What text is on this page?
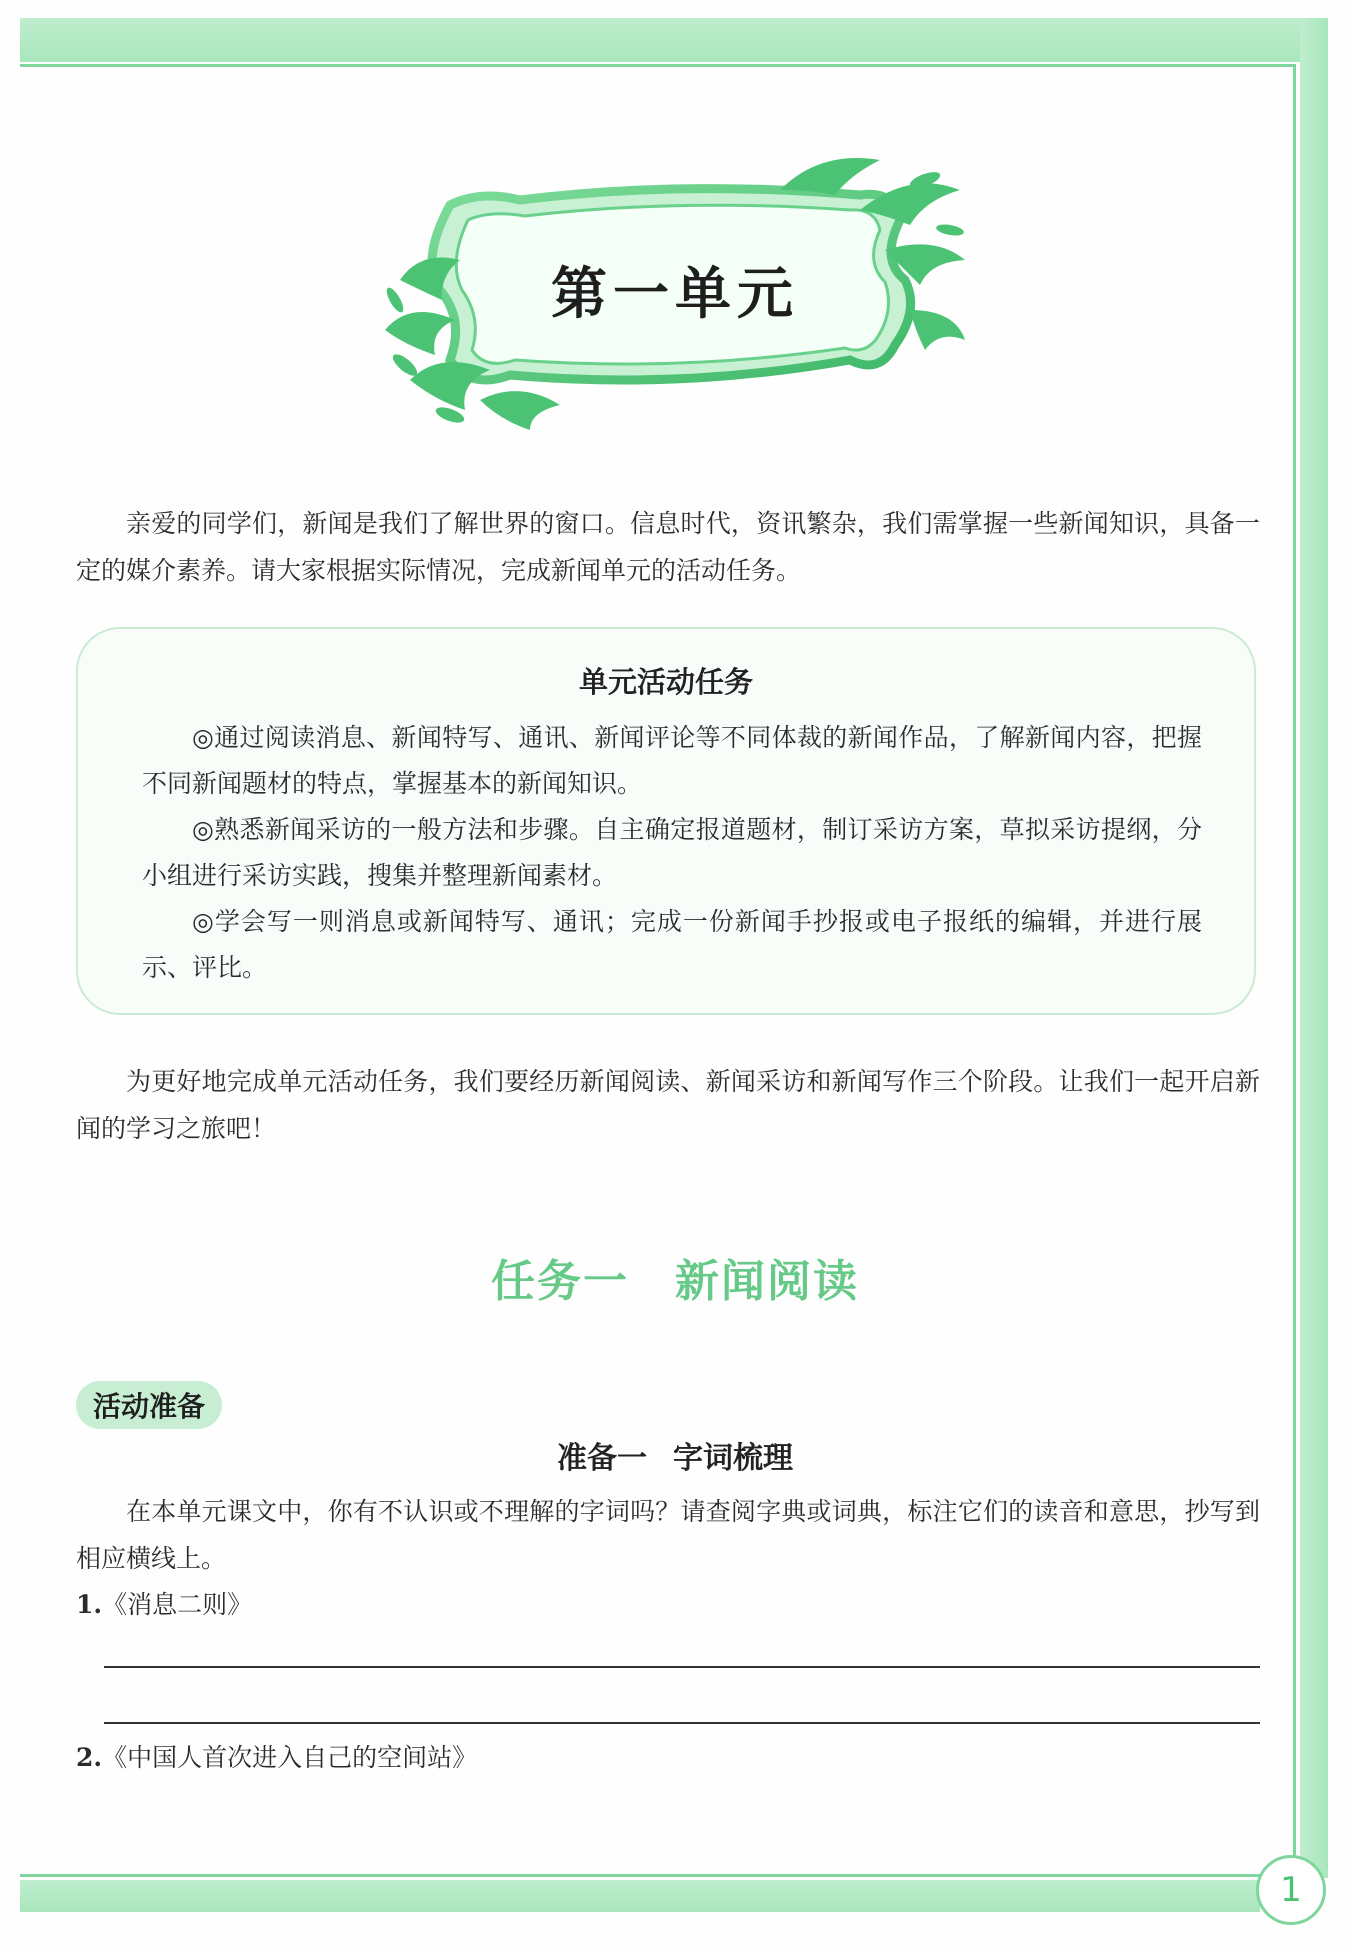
1
第一单元
亲爱的同学们，新闻是我们了解世界的窗口。信息时代，资讯繁杂，我们需掌握一些新闻知识，具备一定的媒介素养。请大家根据实际情况，完成新闻单元的活动任务。
单元活动任务

◎通过阅读消息、新闻特写、通讯、新闻评论等不同体裁的新闻作品，了解新闻内容，把握不同新闻题材的特点，掌握基本的新闻知识。

◎熟悉新闻采访的一般方法和步骤。自主确定报道题材，制订采访方案，草拟采访提纲，分小组进行采访实践，搜集并整理新闻素材。

◎学会写一则消息或新闻特写、通讯；完成一份新闻手抄报或电子报纸的编辑，并进行展示、评比。

为更好地完成单元活动任务，我们要经历新闻阅读、新闻采访和新闻写作三个阶段。让我们一起开启新闻的学习之旅吧！
任务一 新闻阅读
活动准备
准备一 字词梳理
在本单元课文中，你有不认识或不理解的字词吗？请查阅字典或词典，标注它们的读音和意思，抄写到相应横线上。
1.《消息二则》
2.《中国人首次进入自己的空间站》
